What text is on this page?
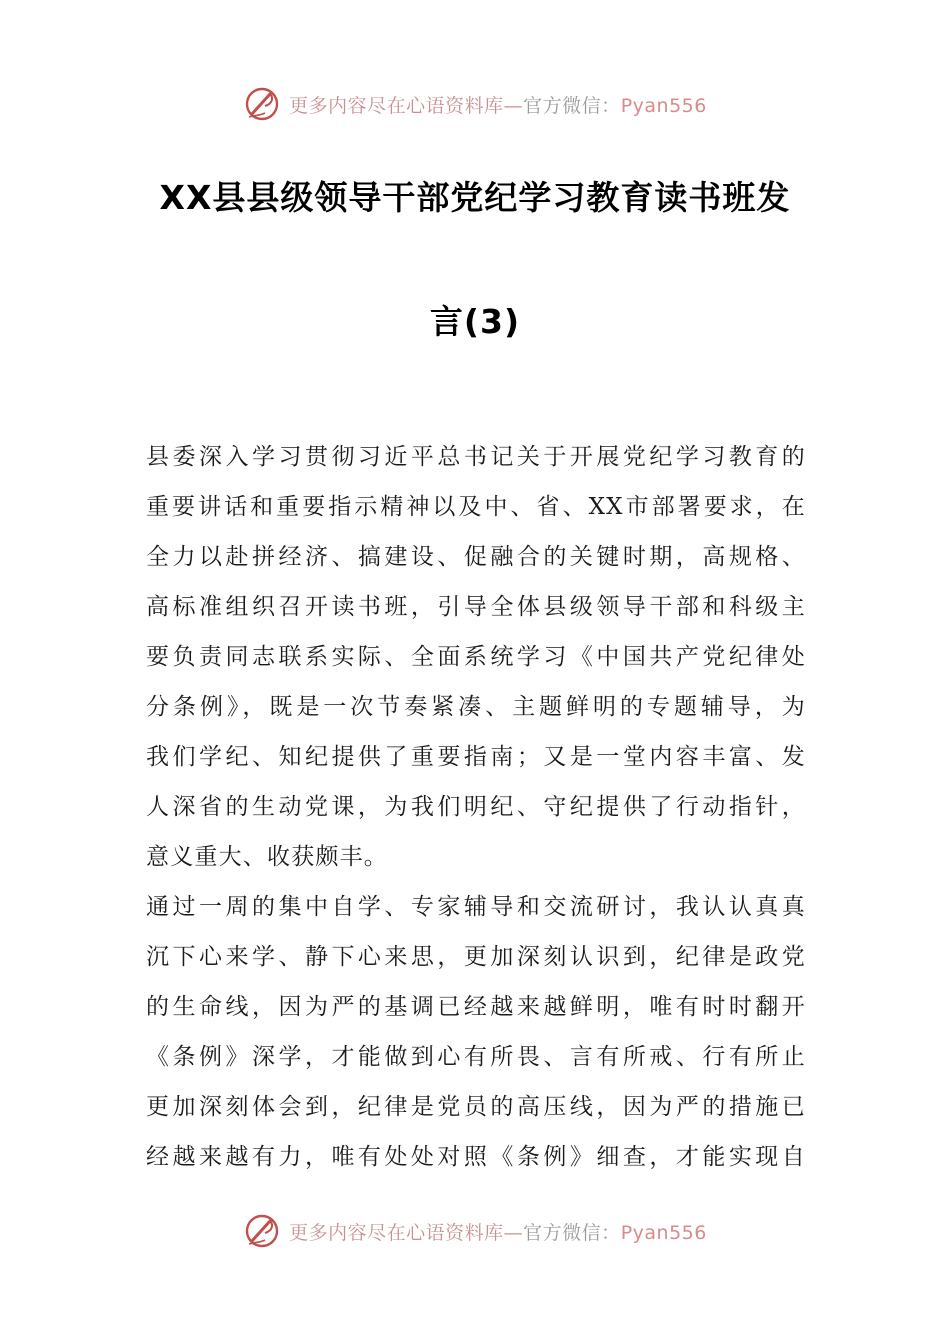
更多内容尽在心语资料库—官方微信：Pyan556
XX县县级领导干部党纪学习教育读书班发
言(3)
县委深入学习贯彻习近平总书记关于开展党纪学习教育的
重要讲话和重要指示精神以及中、省、XX市部署要求，在
全力以赴拼经济、搞建设、促融合的关键时期，高规格、
高标准组织召开读书班，引导全体县级领导干部和科级主
要负责同志联系实际、全面系统学习《中国共产党纪律处
分条例》，既是一次节奏紧凑、主题鲜明的专题辅导，为
我们学纪、知纪提供了重要指南；又是一堂内容丰富、发
人深省的生动党课，为我们明纪、守纪提供了行动指针，
意义重大、收获颇丰。
通过一周的集中自学、专家辅导和交流研讨，我认认真真
沉下心来学、静下心来思，更加深刻认识到，纪律是政党
的生命线，因为严的基调已经越来越鲜明，唯有时时翻开
《条例》深学，才能做到心有所畏、言有所戒、行有所止
更加深刻体会到，纪律是党员的高压线，因为严的措施已
经越来越有力，唯有处处对照《条例》细查，才能实现自
更多内容尽在心语资料库—官方微信：Pyan556
